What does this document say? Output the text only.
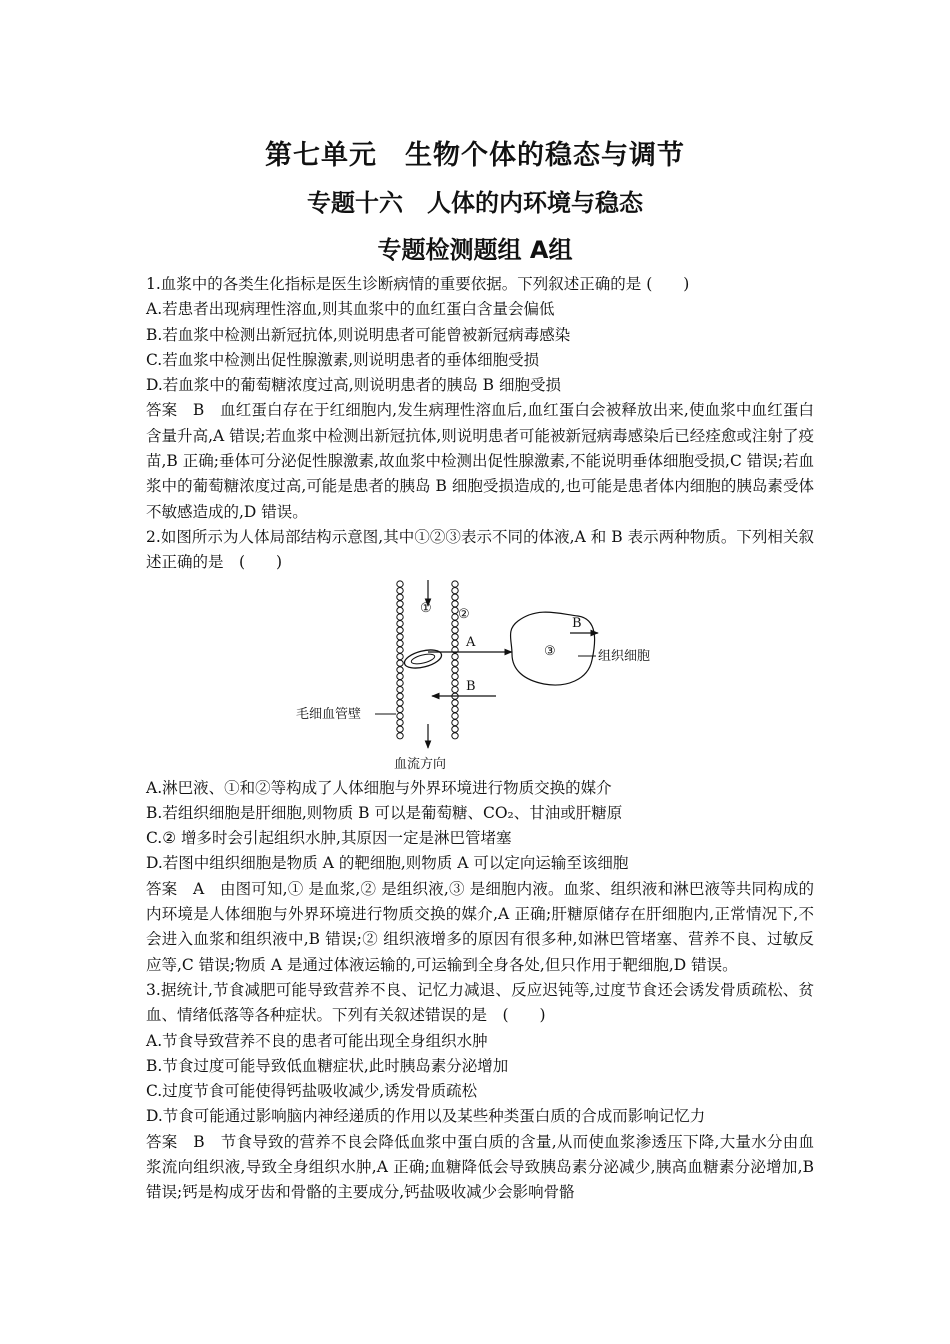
第七单元　生物个体的稳态与调节
专题十六　人体的内环境与稳态
专题检测题组 A组

1.血浆中的各类生化指标是医生诊断病情的重要依据。下列叙述正确的是 (　　)

A.若患者出现病理性溶血,则其血浆中的血红蛋白含量会偏低

B.若血浆中检测出新冠抗体,则说明患者可能曾被新冠病毒感染

C.若血浆中检测出促性腺激素,则说明患者的垂体细胞受损

D.若血浆中的葡萄糖浓度过高,则说明患者的胰岛 B 细胞受损

答案　B　血红蛋白存在于红细胞内,发生病理性溶血后,血红蛋白会被释放出来,使血浆中血红蛋白含量升高,A 错误;若血浆中检测出新冠抗体,则说明患者可能被新冠病毒感染后已经痊愈或注射了疫苗,B 正确;垂体可分泌促性腺激素,故血浆中检测出促性腺激素,不能说明垂体细胞受损,C 错误;若血浆中的葡萄糖浓度过高,可能是患者的胰岛 B 细胞受损造成的,也可能是患者体内细胞的胰岛素受体不敏感造成的,D 错误。

2.如图所示为人体局部结构示意图,其中①②③表示不同的体液,A 和 B 表示两种物质。下列相关叙述正确的是　(　　)

① ②
③
A
B
B
组织细胞
毛细血管壁
血流方向

A.淋巴液、①和②等构成了人体细胞与外界环境进行物质交换的媒介

B.若组织细胞是肝细胞,则物质 B 可以是葡萄糖、CO₂、甘油或肝糖原

C.② 增多时会引起组织水肿,其原因一定是淋巴管堵塞

D.若图中组织细胞是物质 A 的靶细胞,则物质 A 可以定向运输至该细胞

答案　A　由图可知,① 是血浆,② 是组织液,③ 是细胞内液。血浆、组织液和淋巴液等共同构成的内环境是人体细胞与外界环境进行物质交换的媒介,A 正确;肝糖原储存在肝细胞内,正常情况下,不会进入血浆和组织液中,B 错误;② 组织液增多的原因有很多种,如淋巴管堵塞、营养不良、过敏反应等,C 错误;物质 A 是通过体液运输的,可运输到全身各处,但只作用于靶细胞,D 错误。

3.据统计,节食减肥可能导致营养不良、记忆力减退、反应迟钝等,过度节食还会诱发骨质疏松、贫血、情绪低落等各种症状。下列有关叙述错误的是　(　　)

A.节食导致营养不良的患者可能出现全身组织水肿

B.节食过度可能导致低血糖症状,此时胰岛素分泌增加

C.过度节食可能使得钙盐吸收减少,诱发骨质疏松

D.节食可能通过影响脑内神经递质的作用以及某些种类蛋白质的合成而影响记忆力

答案　B　节食导致的营养不良会降低血浆中蛋白质的含量,从而使血浆渗透压下降,大量水分由血浆流向组织液,导致全身组织水肿,A 正确;血糖降低会导致胰岛素分泌减少,胰高血糖素分泌增加,B 错误;钙是构成牙齿和骨骼的主要成分,钙盐吸收减少会影响骨骼
